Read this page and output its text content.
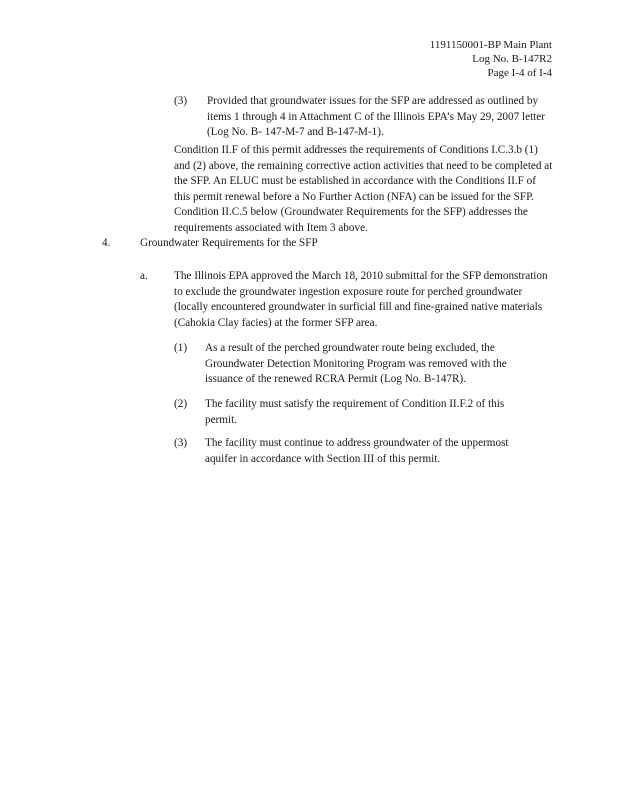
1191150001-BP Main Plant
Log No. B-147R2
Page I-4 of I-4
(3) Provided that groundwater issues for the SFP are addressed as outlined by items 1 through 4 in Attachment C of the Illinois EPA’s May 29, 2007 letter (Log No. B- 147-M-7 and B-147-M-1).
Condition II.F of this permit addresses the requirements of Conditions I.C.3.b (1) and (2) above, the remaining corrective action activities that need to be completed at the SFP. An ELUC must be established in accordance with the Conditions II.F of this permit renewal before a No Further Action (NFA) can be issued for the SFP. Condition II.C.5 below (Groundwater Requirements for the SFP) addresses the requirements associated with Item 3 above.
4.	Groundwater Requirements for the SFP
a. The Illinois EPA approved the March 18, 2010 submittal for the SFP demonstration to exclude the groundwater ingestion exposure route for perched groundwater (locally encountered groundwater in surficial fill and fine-grained native materials (Cahokia Clay facies) at the former SFP area.
(1) As a result of the perched groundwater route being excluded, the Groundwater Detection Monitoring Program was removed with the issuance of the renewed RCRA Permit (Log No. B-147R).
(2) The facility must satisfy the requirement of Condition II.F.2 of this permit.
(3) The facility must continue to address groundwater of the uppermost aquifer in accordance with Section III of this permit.
